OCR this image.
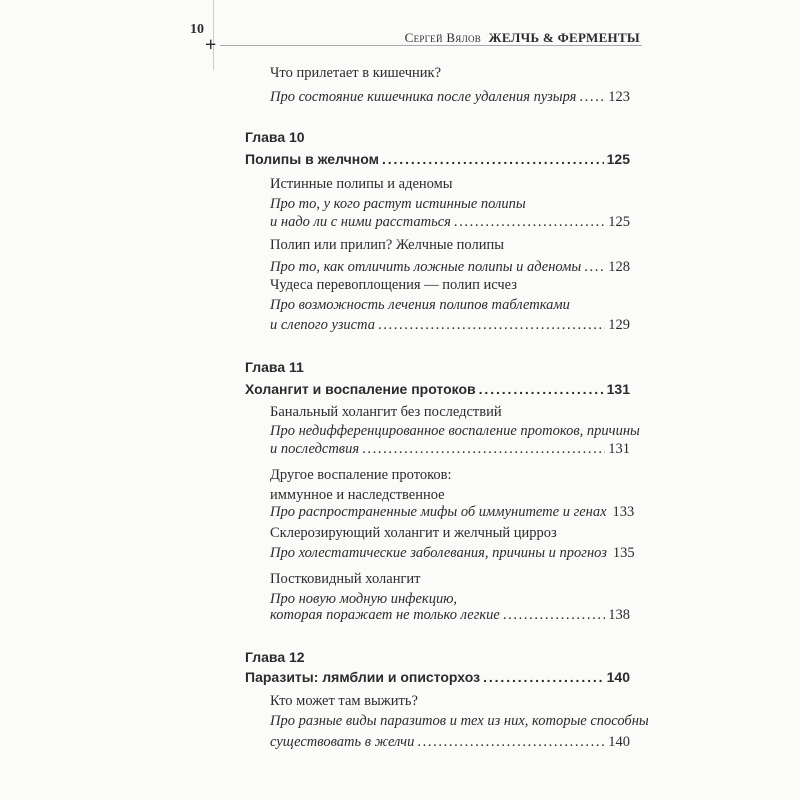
10
+	Сергей Вялов ЖЕЛЧЬ & ФЕРМЕНТЫ
Что прилетает в кишечник?
Про состояние кишечника после удаления пузыря . . . 123
Глава 10
Полипы в желчном . . .	125
Истинные полипы и аденомы
Про то, у кого растут истинные полипы
и надо ли с ними расстаться . . .	125
Полип или прилип? Желчные полипы
Про то, как отличить ложные полипы и аденомы . . . 128
Чудеса перевоплощения — полип исчез
Про возможность лечения полипов таблетками
и слепого узиста . . .	129
Глава 11
Холангит и воспаление протоков . . .	131
Банальный холангит без последствий
Про недифференцированное воспаление протоков, причины
и последствия . . .	131
Другое воспаление протоков:
иммунное и наследственное
Про распространенные мифы об иммунитете и генах 133
Склерозирующий холангит и желчный цирроз
Про холестатические заболевания, причины и прогноз 135
Постковидный холангит
Про новую модную инфекцию,
которая поражает не только легкие . . .	138
Глава 12
Паразиты: лямблии и описторхоз . . .	140
Кто может там выжить?
Про разные виды паразитов и тех из них, которые способны
существовать в желчи . . .	140
